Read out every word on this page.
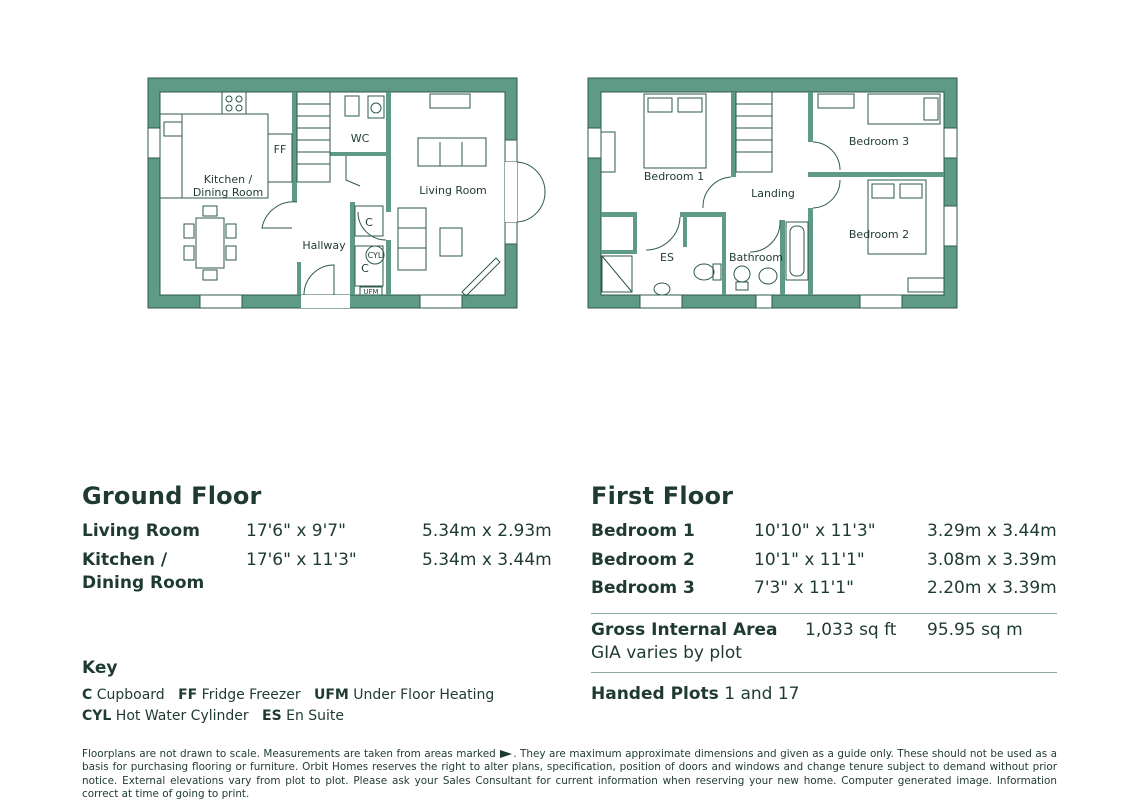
Kitchen /
Dining Room
FF
WC
Living Room
Hallway
C
C
CYL
UFM
Bedroom 1
Bedroom 3
Bedroom 2
Landing
ES	Bathroom
Ground Floor
Living Room	17'6" x 9'7"	5.34m x 2.93m
Kitchen /
Dining Room
17'6" x 11'3"	5.34m x 3.44m
Key
C Cupboard FF Fridge Freezer UFM Under Floor Heating
CYL Hot Water Cylinder ES En Suite
First Floor
Bedroom 1	10'10" x 11'3"	3.29m x 3.44m
Bedroom 2	10'1" x 11'1"	3.08m x 3.39m
Bedroom 3	7'3" x 11'1"	2.20m x 3.39m
Gross Internal Area 1,033 sq ft 95.95 sq m
GIA varies by plot
Handed Plots 1 and 17
Floorplans are not drawn to scale. Measurements are taken from areas marked . They are maximum approximate dimensions and given as a guide only. These should not be used as a basis for purchasing flooring or furniture. Orbit Homes reserves the right to alter plans, specification, position of doors and windows and change tenure subject to demand without prior notice. External elevations vary from plot to plot. Please ask your Sales Consultant for current information when reserving your new home. Computer generated image. Information correct at time of going to print.
